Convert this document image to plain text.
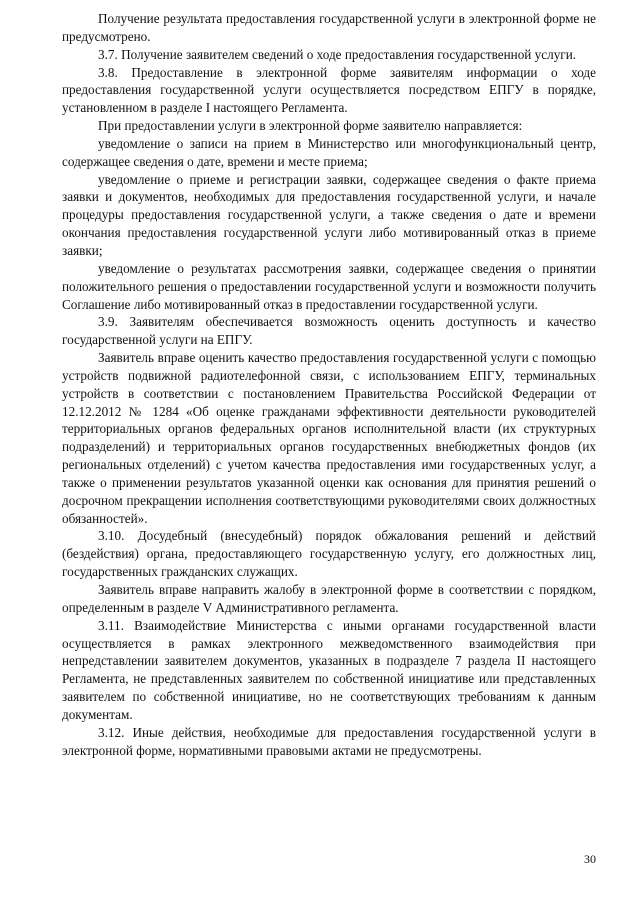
Получение результата предоставления государственной услуги в электронной форме не предусмотрено.

3.7. Получение заявителем сведений о ходе предоставления государственной услуги.

3.8. Предоставление в электронной форме заявителям информации о ходе предоставления государственной услуги осуществляется посредством ЕПГУ в порядке, установленном в разделе I настоящего Регламента.

При предоставлении услуги в электронной форме заявителю направляется:

уведомление о записи на прием в Министерство или многофункциональный центр, содержащее сведения о дате, времени и месте приема;

уведомление о приеме и регистрации заявки, содержащее сведения о факте приема заявки и документов, необходимых для предоставления государственной услуги, и начале процедуры предоставления государственной услуги, а также сведения о дате и времени окончания предоставления государственной услуги либо мотивированный отказ в приеме заявки;

уведомление о результатах рассмотрения заявки, содержащее сведения о принятии положительного решения о предоставлении государственной услуги и возможности получить Соглашение либо мотивированный отказ в предоставлении государственной услуги.

3.9. Заявителям обеспечивается возможность оценить доступность и качество государственной услуги на ЕПГУ.

Заявитель вправе оценить качество предоставления государственной услуги с помощью устройств подвижной радиотелефонной связи, с использованием ЕПГУ, терминальных устройств в соответствии с постановлением Правительства Российской Федерации от 12.12.2012 № 1284 «Об оценке гражданами эффективности деятельности руководителей территориальных органов федеральных органов исполнительной власти (их структурных подразделений) и территориальных органов государственных внебюджетных фондов (их региональных отделений) с учетом качества предоставления ими государственных услуг, а также о применении результатов указанной оценки как основания для принятия решений о досрочном прекращении исполнения соответствующими руководителями своих должностных обязанностей».

3.10. Досудебный (внесудебный) порядок обжалования решений и действий (бездействия) органа, предоставляющего государственную услугу, его должностных лиц, государственных гражданских служащих.

Заявитель вправе направить жалобу в электронной форме в соответствии с порядком, определенным в разделе V Административного регламента.

3.11. Взаимодействие Министерства с иными органами государственной власти осуществляется в рамках электронного межведомственного взаимодействия при непредставлении заявителем документов, указанных в подразделе 7 раздела II настоящего Регламента, не представленных заявителем по собственной инициативе или представленных заявителем по собственной инициативе, но не соответствующих требованиям к данным документам.

3.12. Иные действия, необходимые для предоставления государственной услуги в электронной форме, нормативными правовыми актами не предусмотрены.

30
